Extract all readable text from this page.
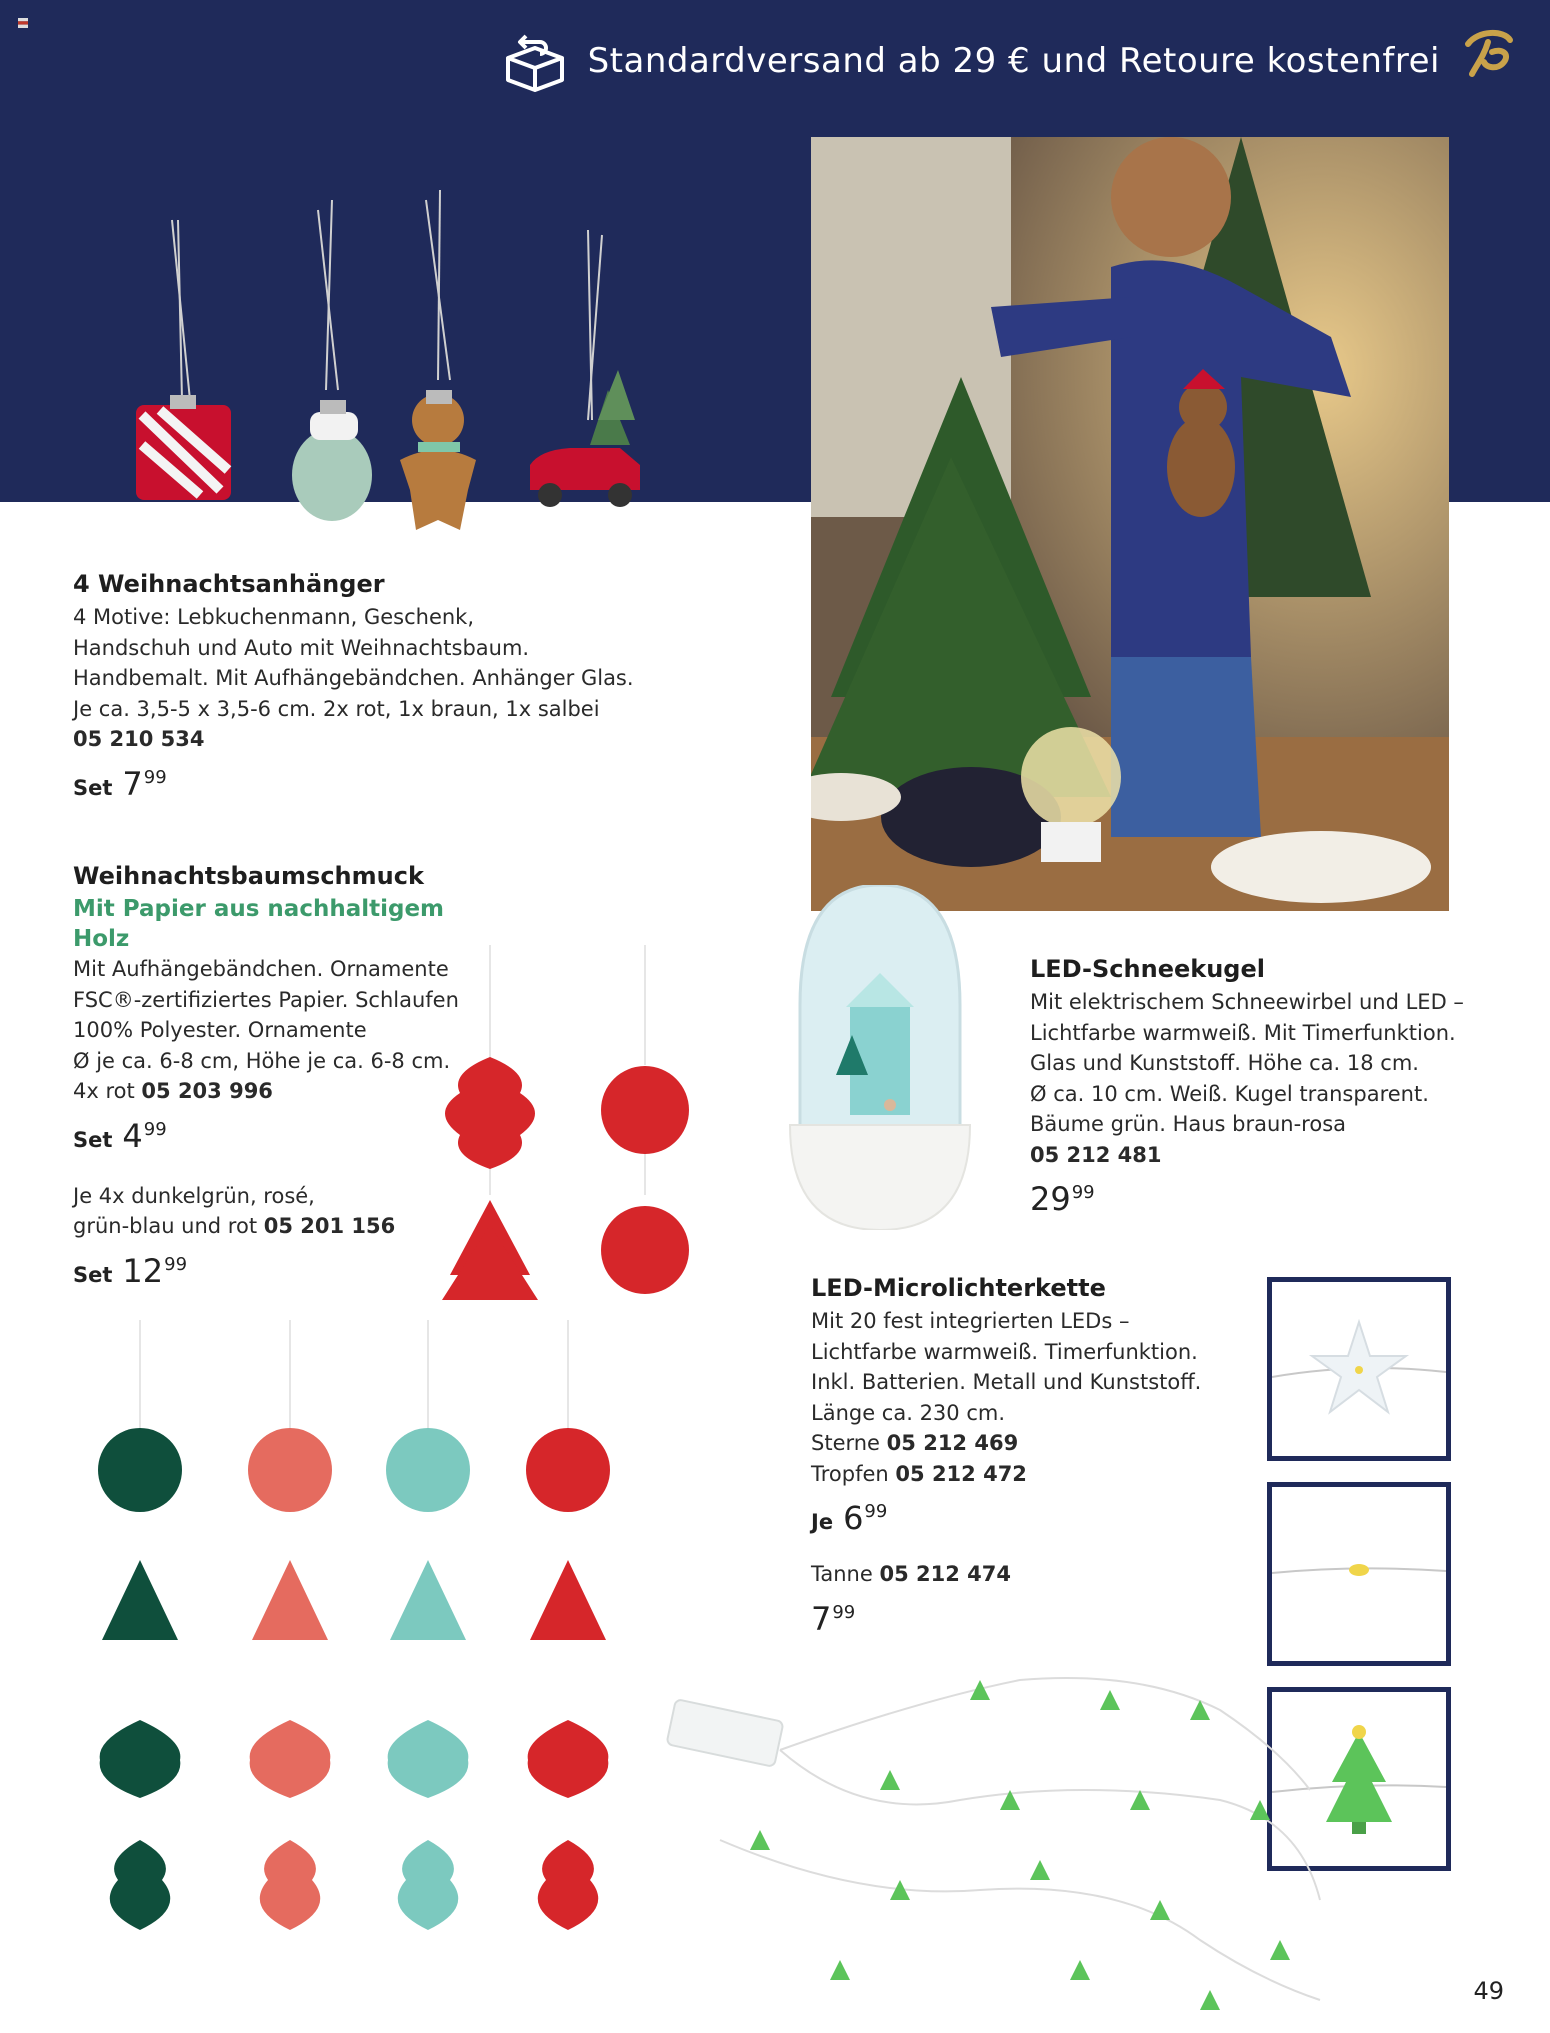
Standardversand ab 29 € und Retoure kostenfrei
4 Weihnachtsanhänger
4 Motive: Lebkuchenmann, Geschenk,
Handschuh und Auto mit Weihnachtsbaum.
Handbemalt. Mit Aufhängebändchen. Anhänger Glas.
Je ca. 3,5-5 x 3,5-6 cm. 2x rot, 1x braun, 1x salbei
05 210 534
Set $7^{99}$
LED-Schneekugel
Mit elektrischem Schneewirbel und LED –
Lichtfarbe warmweiß. Mit Timerfunktion.
Glas und Kunststoff. Höhe ca. 18 cm.
Ø ca. 10 cm. Weiß. Kugel transparent.
Bäume grün. Haus braun-rosa
05 212 481
$29^{99}$
Weihnachtsbaumschmuck
Mit Papier aus nachhaltigem Holz
Mit Aufhängebändchen. Ornamente
FSC®-zertifiziertes Papier. Schlaufen
100% Polyester. Ornamente
Ø je ca. 6-8 cm, Höhe je ca. 6-8 cm.
4x rot 05 203 996
Set $4^{99}$
Je 4x dunkelgrün, rosé,
grün-blau und rot 05 201 156
Set $12^{99}$
LED-Microlichterkette
Mit 20 fest integrierten LEDs –
Lichtfarbe warmweiß. Timerfunktion.
Inkl. Batterien. Metall und Kunststoff.
Länge ca. 230 cm.
Sterne 05 212 469
Tropfen 05 212 472
Je $6^{99}$
Tanne 05 212 474
$7^{99}$
49
